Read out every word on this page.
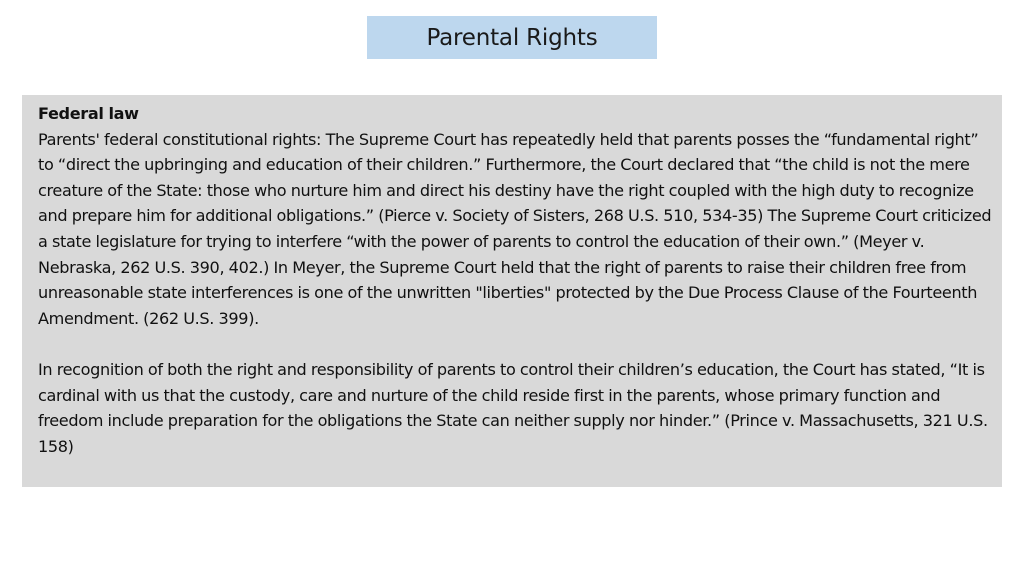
Parental Rights

Federal law
Parents' federal constitutional rights: The Supreme Court has repeatedly held that parents posses the “fundamental right” to “direct the upbringing and education of their children.” Furthermore, the Court declared that “the child is not the mere creature of the State: those who nurture him and direct his destiny have the right coupled with the high duty to recognize and prepare him for additional obligations.” (Pierce v. Society of Sisters, 268 U.S. 510, 534-35) The Supreme Court criticized a state legislature for trying to interfere “with the power of parents to control the education of their own.” (Meyer v. Nebraska, 262 U.S. 390, 402.) In Meyer, the Supreme Court held that the right of parents to raise their children free from unreasonable state interferences is one of the unwritten "liberties" protected by the Due Process Clause of the Fourteenth Amendment. (262 U.S. 399).

In recognition of both the right and responsibility of parents to control their children’s education, the Court has stated, “It is cardinal with us that the custody, care and nurture of the child reside first in the parents, whose primary function and freedom include preparation for the obligations the State can neither supply nor hinder.” (Prince v. Massachusetts, 321 U.S. 158)
